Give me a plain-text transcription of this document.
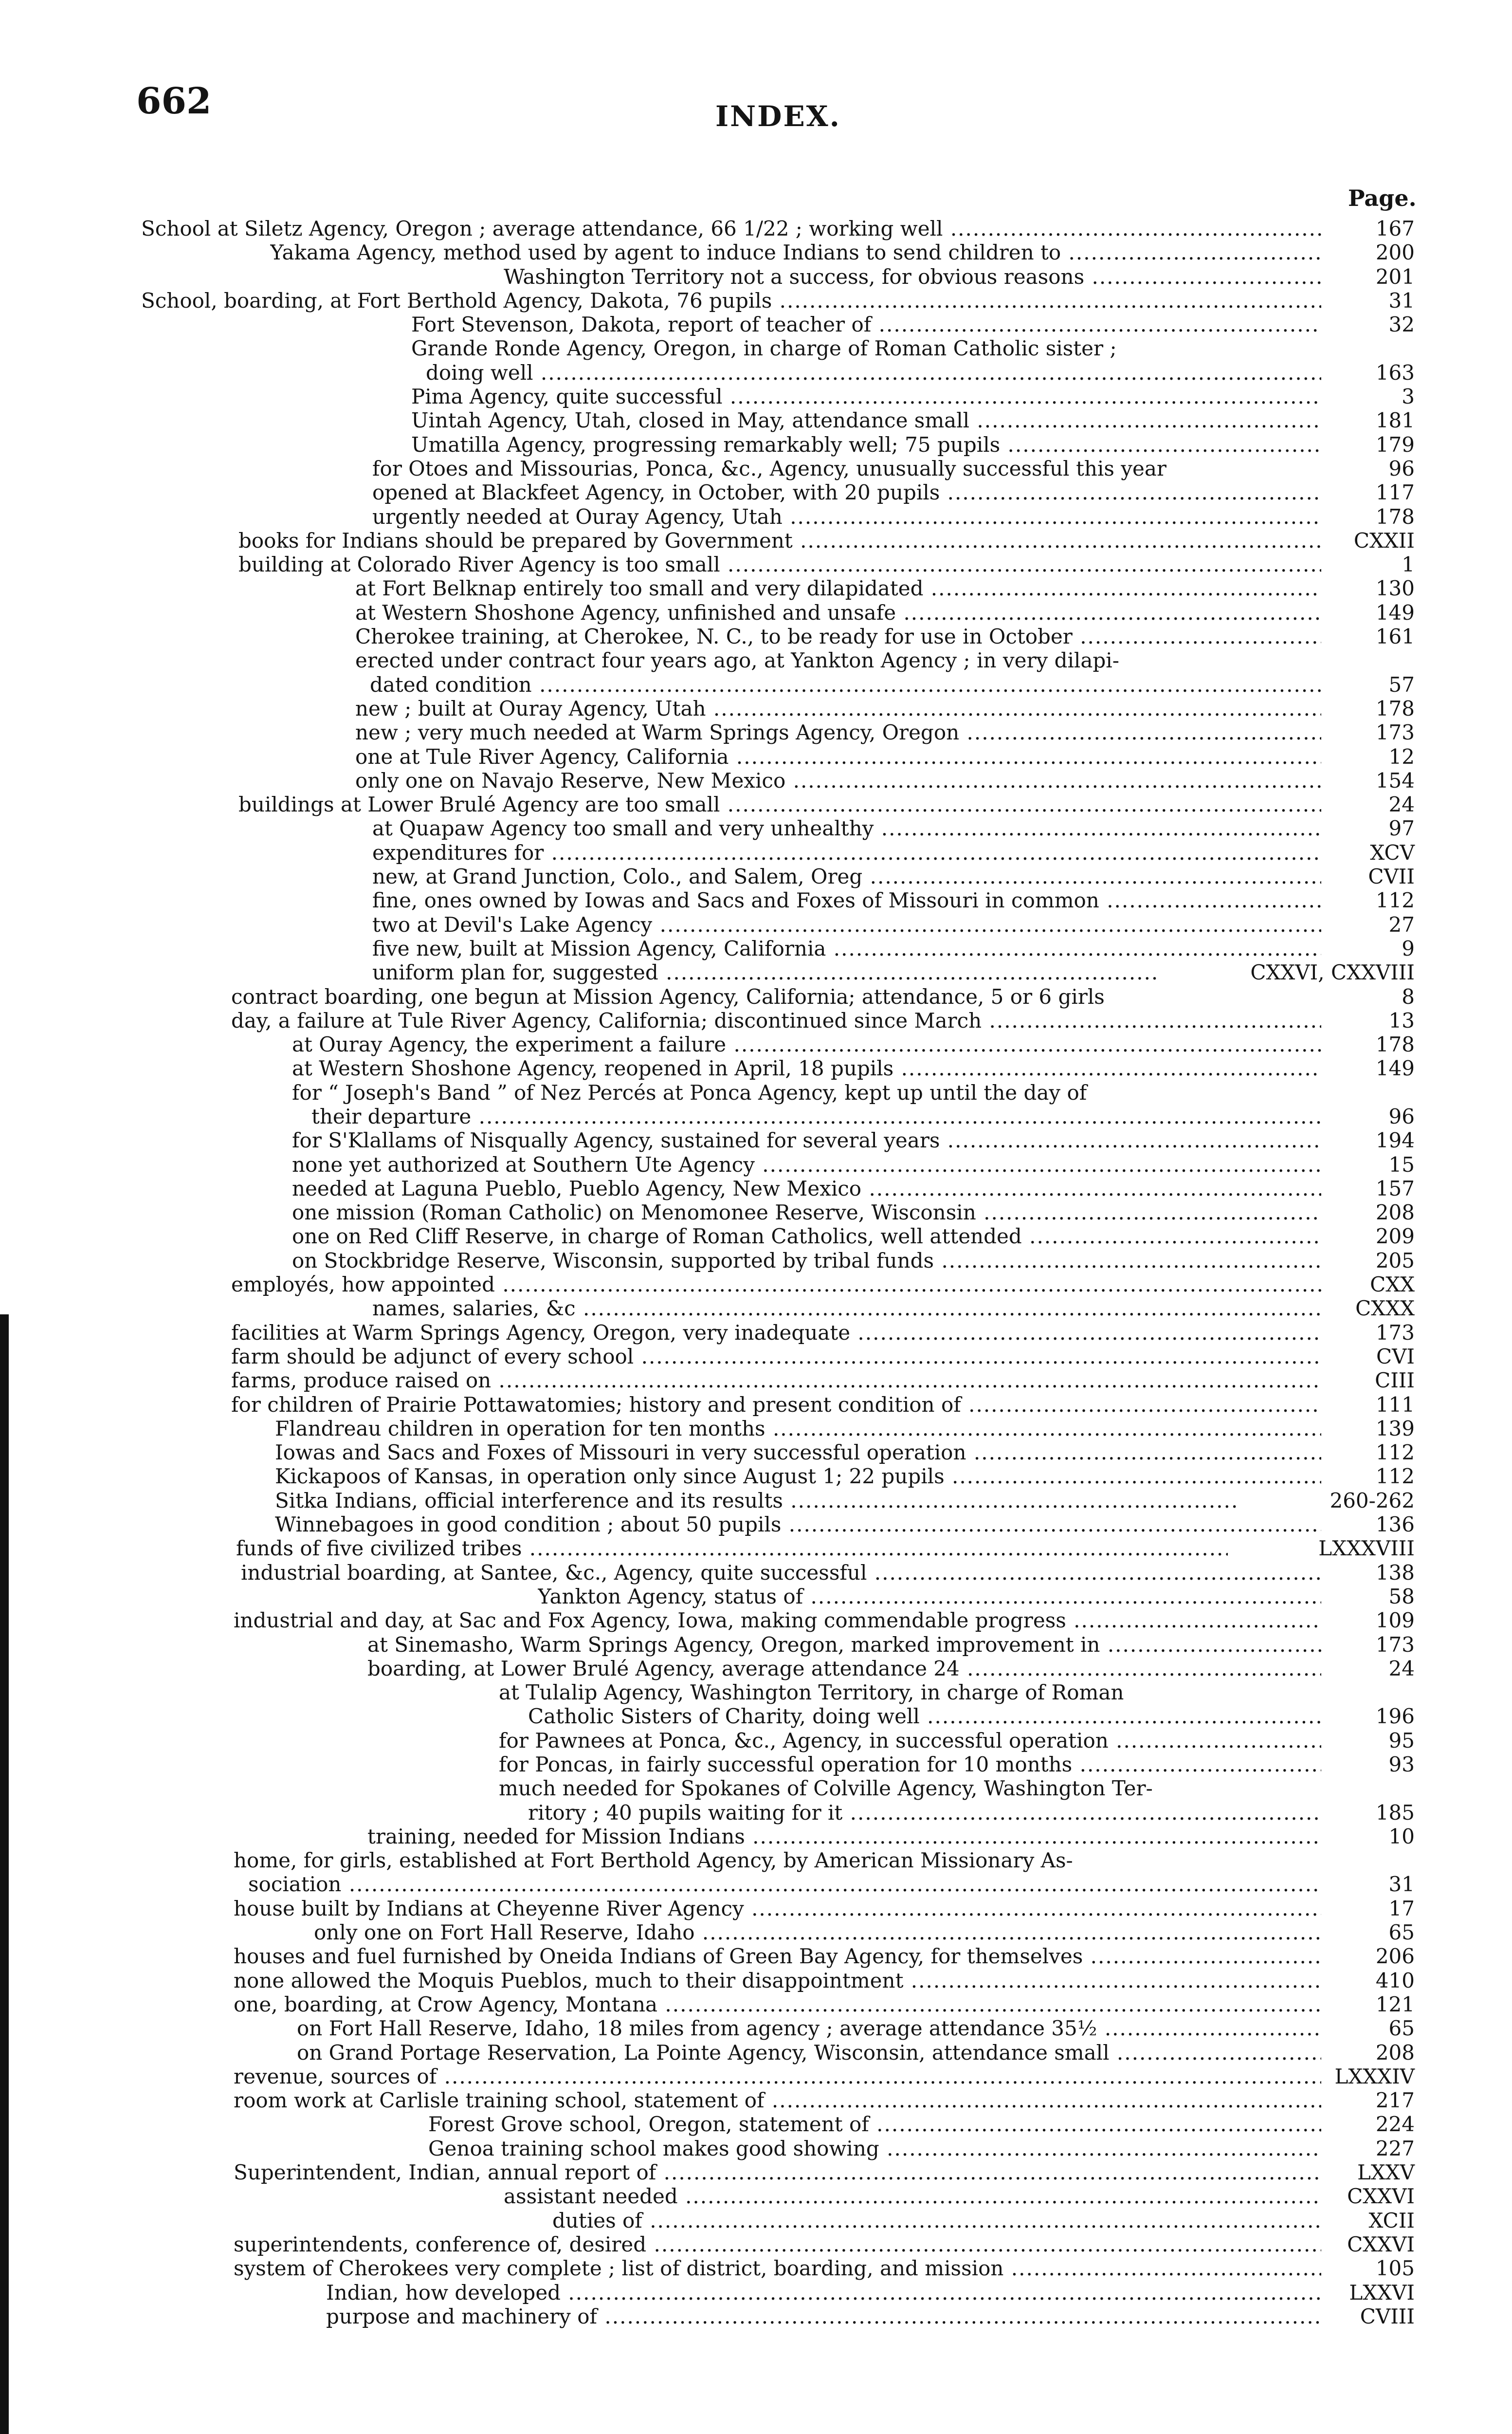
662	INDEX.
Page.
School at Siletz Agency, Oregon ; average attendance, 66 1/22 ; working well .....	167
Yakama Agency, method used by agent to induce Indians to send children to .....	200
Washington Territory not a success, for obvious reasons .....	201
School, boarding, at Fort Berthold Agency, Dakota, 76 pupils .....	31
Fort Stevenson, Dakota, report of teacher of .....	32
Grande Ronde Agency, Oregon, in charge of Roman Catholic sister ;
doing well .....	163
Pima Agency, quite successful .....	3
Uintah Agency, Utah, closed in May, attendance small .....	181
Umatilla Agency, progressing remarkably well; 75 pupils .....	179
for Otoes and Missourias, Ponca, &c., Agency, unusually successful this year	96
opened at Blackfeet Agency, in October, with 20 pupils .....	117
urgently needed at Ouray Agency, Utah .....	178
books for Indians should be prepared by Government .....	CXXII
building at Colorado River Agency is too small .....	1
at Fort Belknap entirely too small and very dilapidated .....	130
at Western Shoshone Agency, unfinished and unsafe .....	149
Cherokee training, at Cherokee, N. C., to be ready for use in October .....	161
erected under contract four years ago, at Yankton Agency ; in very dilapi-
dated condition .....	57
new ; built at Ouray Agency, Utah .....	178
new ; very much needed at Warm Springs Agency, Oregon .....	173
one at Tule River Agency, California .....	12
only one on Navajo Reserve, New Mexico .....	154
buildings at Lower Brulé Agency are too small .....	24
at Quapaw Agency too small and very unhealthy .....	97
expenditures for .....	XCV
new, at Grand Junction, Colo., and Salem, Oreg .....	CVII
fine, ones owned by Iowas and Sacs and Foxes of Missouri in common .....	112
two at Devil's Lake Agency .....	27
five new, built at Mission Agency, California .....	9
uniform plan for, suggested .....	CXXVI, CXXVIII
contract boarding, one begun at Mission Agency, California; attendance, 5 or 6 girls	8
day, a failure at Tule River Agency, California; discontinued since March .....	13
at Ouray Agency, the experiment a failure .....	178
at Western Shoshone Agency, reopened in April, 18 pupils .....	149
for “ Joseph's Band ” of Nez Percés at Ponca Agency, kept up until the day of
their departure .....	96
for S'Klallams of Nisqually Agency, sustained for several years .....	194
none yet authorized at Southern Ute Agency .....	15
needed at Laguna Pueblo, Pueblo Agency, New Mexico .....	157
one mission (Roman Catholic) on Menomonee Reserve, Wisconsin .....	208
one on Red Cliff Reserve, in charge of Roman Catholics, well attended .....	209
on Stockbridge Reserve, Wisconsin, supported by tribal funds .....	205
employés, how appointed .....	CXX
names, salaries, &c .....	CXXX
facilities at Warm Springs Agency, Oregon, very inadequate .....	173
farm should be adjunct of every school .....	CVI
farms, produce raised on .....	CIII
for children of Prairie Pottawatomies; history and present condition of .....	111
Flandreau children in operation for ten months .....	139
Iowas and Sacs and Foxes of Missouri in very successful operation .....	112
Kickapoos of Kansas, in operation only since August 1; 22 pupils .....	112
Sitka Indians, official interference and its results .....	260-262
Winnebagoes in good condition ; about 50 pupils .....	136
funds of five civilized tribes .....	LXXXVIII
industrial boarding, at Santee, &c., Agency, quite successful .....	138
Yankton Agency, status of .....	58
industrial and day, at Sac and Fox Agency, Iowa, making commendable progress .....	109
at Sinemasho, Warm Springs Agency, Oregon, marked improvement in .....	173
boarding, at Lower Brulé Agency, average attendance 24 .....	24
at Tulalip Agency, Washington Territory, in charge of Roman
Catholic Sisters of Charity, doing well .....	196
for Pawnees at Ponca, &c., Agency, in successful operation .....	95
for Poncas, in fairly successful operation for 10 months .....	93
much needed for Spokanes of Colville Agency, Washington Ter-
ritory ; 40 pupils waiting for it .....	185
training, needed for Mission Indians .....	10
home, for girls, established at Fort Berthold Agency, by American Missionary As-
sociation .....	31
house built by Indians at Cheyenne River Agency .....	17
only one on Fort Hall Reserve, Idaho .....	65
houses and fuel furnished by Oneida Indians of Green Bay Agency, for themselves .....	206
none allowed the Moquis Pueblos, much to their disappointment .....	410
one, boarding, at Crow Agency, Montana .....	121
on Fort Hall Reserve, Idaho, 18 miles from agency ; average attendance 35½ .....	65
on Grand Portage Reservation, La Pointe Agency, Wisconsin, attendance small .....	208
revenue, sources of .....	LXXXIV
room work at Carlisle training school, statement of .....	217
Forest Grove school, Oregon, statement of .....	224
Genoa training school makes good showing .....	227
Superintendent, Indian, annual report of .....	LXXV
assistant needed .....	CXXVI
duties of .....	XCII
superintendents, conference of, desired .....	CXXVI
system of Cherokees very complete ; list of district, boarding, and mission .....	105
Indian, how developed .....	LXXVI
purpose and machinery of .....	CVIII
